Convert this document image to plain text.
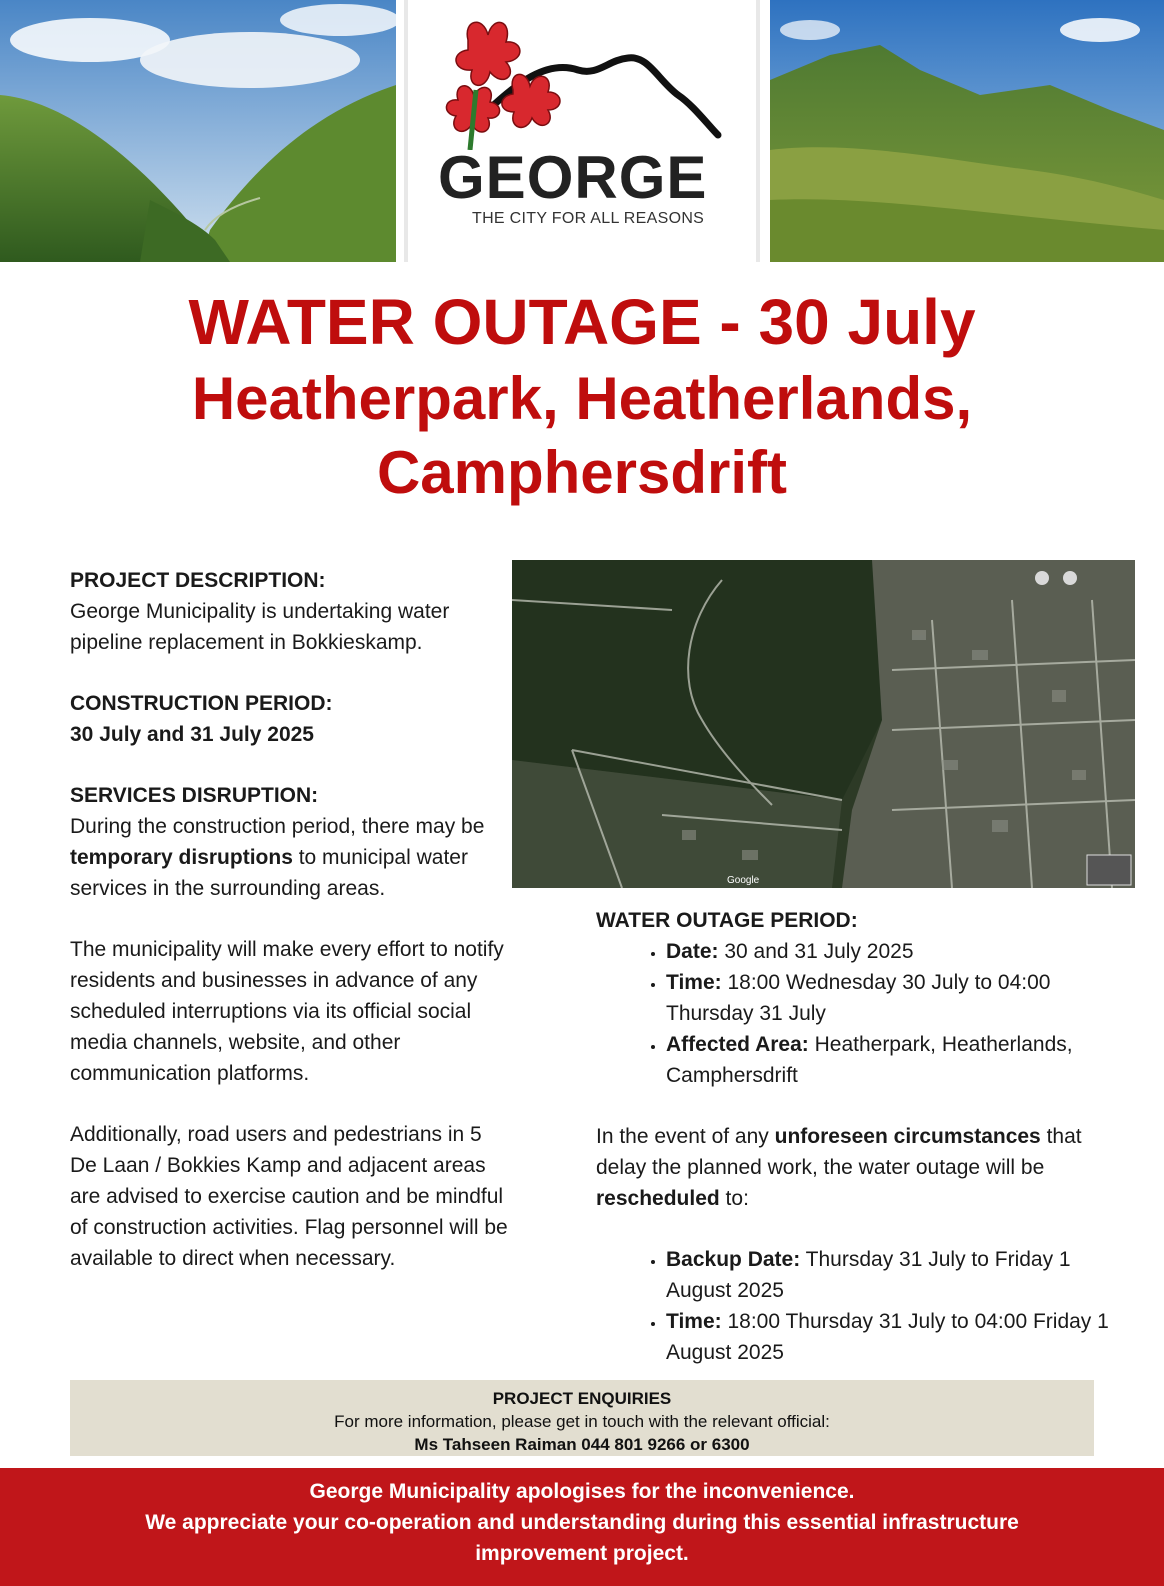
GEORGE
THE CITY FOR ALL REASONS
WATER OUTAGE - 30 July
Heatherpark, Heatherlands,
Camphersdrift
PROJECT DESCRIPTION:

George Municipality is undertaking water pipeline replacement in Bokkieskamp.

CONSTRUCTION PERIOD:

30 July and 31 July 2025

SERVICES DISRUPTION:

During the construction period, there may be temporary disruptions to municipal water services in the surrounding areas.

The municipality will make every effort to notify residents and businesses in advance of any scheduled interruptions via its official social media channels, website, and other communication platforms.

Additionally, road users and pedestrians in 5 De Laan / Bokkies Kamp and adjacent areas are advised to exercise caution and be mindful of construction activities. Flag personnel will be available to direct when necessary.

Google
WATER OUTAGE PERIOD:
• Date: 30 and 31 July 2025
• Time: 18:00 Wednesday 30 July to 04:00 Thursday 31 July
• Affected Area: Heatherpark, Heatherlands, Camphersdrift

In the event of any unforeseen circumstances that delay the planned work, the water outage will be rescheduled to:

• Backup Date: Thursday 31 July to Friday 1 August 2025
• Time: 18:00 Thursday 31 July to 04:00 Friday 1 August 2025
PROJECT ENQUIRIES
For more information, please get in touch with the relevant official:
Ms Tahseen Raiman 044 801 9266 or 6300
George Municipality apologises for the inconvenience.
We appreciate your co-operation and understanding during this essential infrastructure improvement project.
